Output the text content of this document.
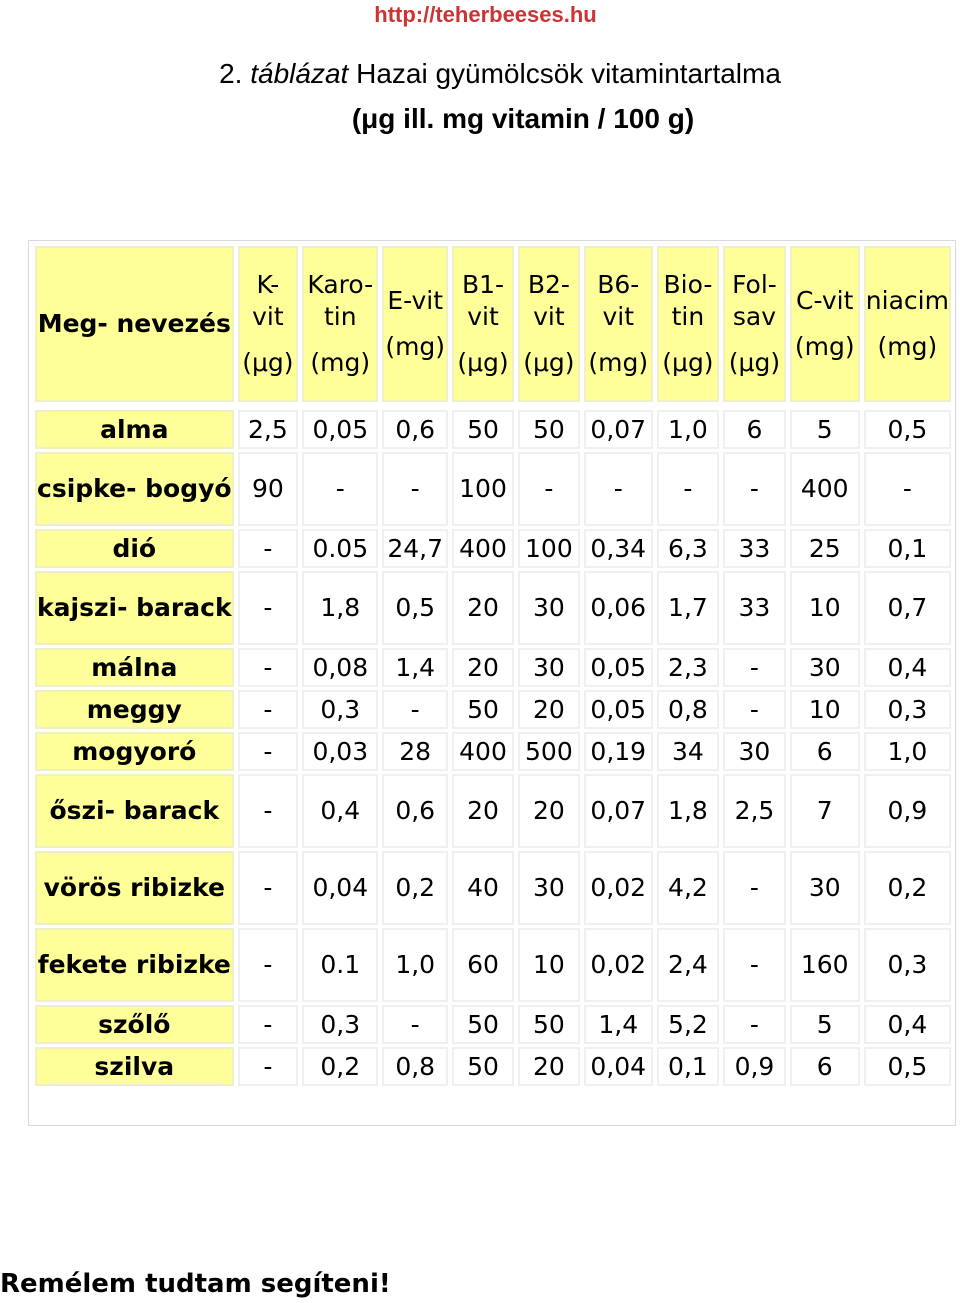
http://teherbeeses.hu
2. táblázat Hazai gyümölcsök vitamintartalma
(μg ill. mg vitamin / 100 g)
Meg- nevezés	K-
vit
(μg)	Karo-
tin
(mg)	E-vit
(mg)	B1-
vit
(μg)	B2-
vit
(μg)	B6-
vit
(mg)	Bio-
tin
(μg)	Fol-
sav
(μg)	C-vit
(mg)	niacim
(mg)

alma	2,5	0,05	0,6	50	50	0,07	1,0	6	5	0,5
csipke- bogyó	90	-	-	100	-	-	-	-	400	-
dió	-	0.05	24,7	400	100	0,34	6,3	33	25	0,1
kajszi- barack	-	1,8	0,5	20	30	0,06	1,7	33	10	0,7
málna	-	0,08	1,4	20	30	0,05	2,3	-	30	0,4
meggy	-	0,3	-	50	20	0,05	0,8	-	10	0,3
mogyoró	-	0,03	28	400	500	0,19	34	30	6	1,0
őszi- barack	-	0,4	0,6	20	20	0,07	1,8	2,5	7	0,9
vörös ribizke	-	0,04	0,2	40	30	0,02	4,2	-	30	0,2
fekete ribizke	-	0.1	1,0	60	10	0,02	2,4	-	160	0,3
szőlő	-	0,3	-	50	50	1,4	5,2	-	5	0,4
szilva	-	0,2	0,8	50	20	0,04	0,1	0,9	6	0,5
Remélem tudtam segíteni!
